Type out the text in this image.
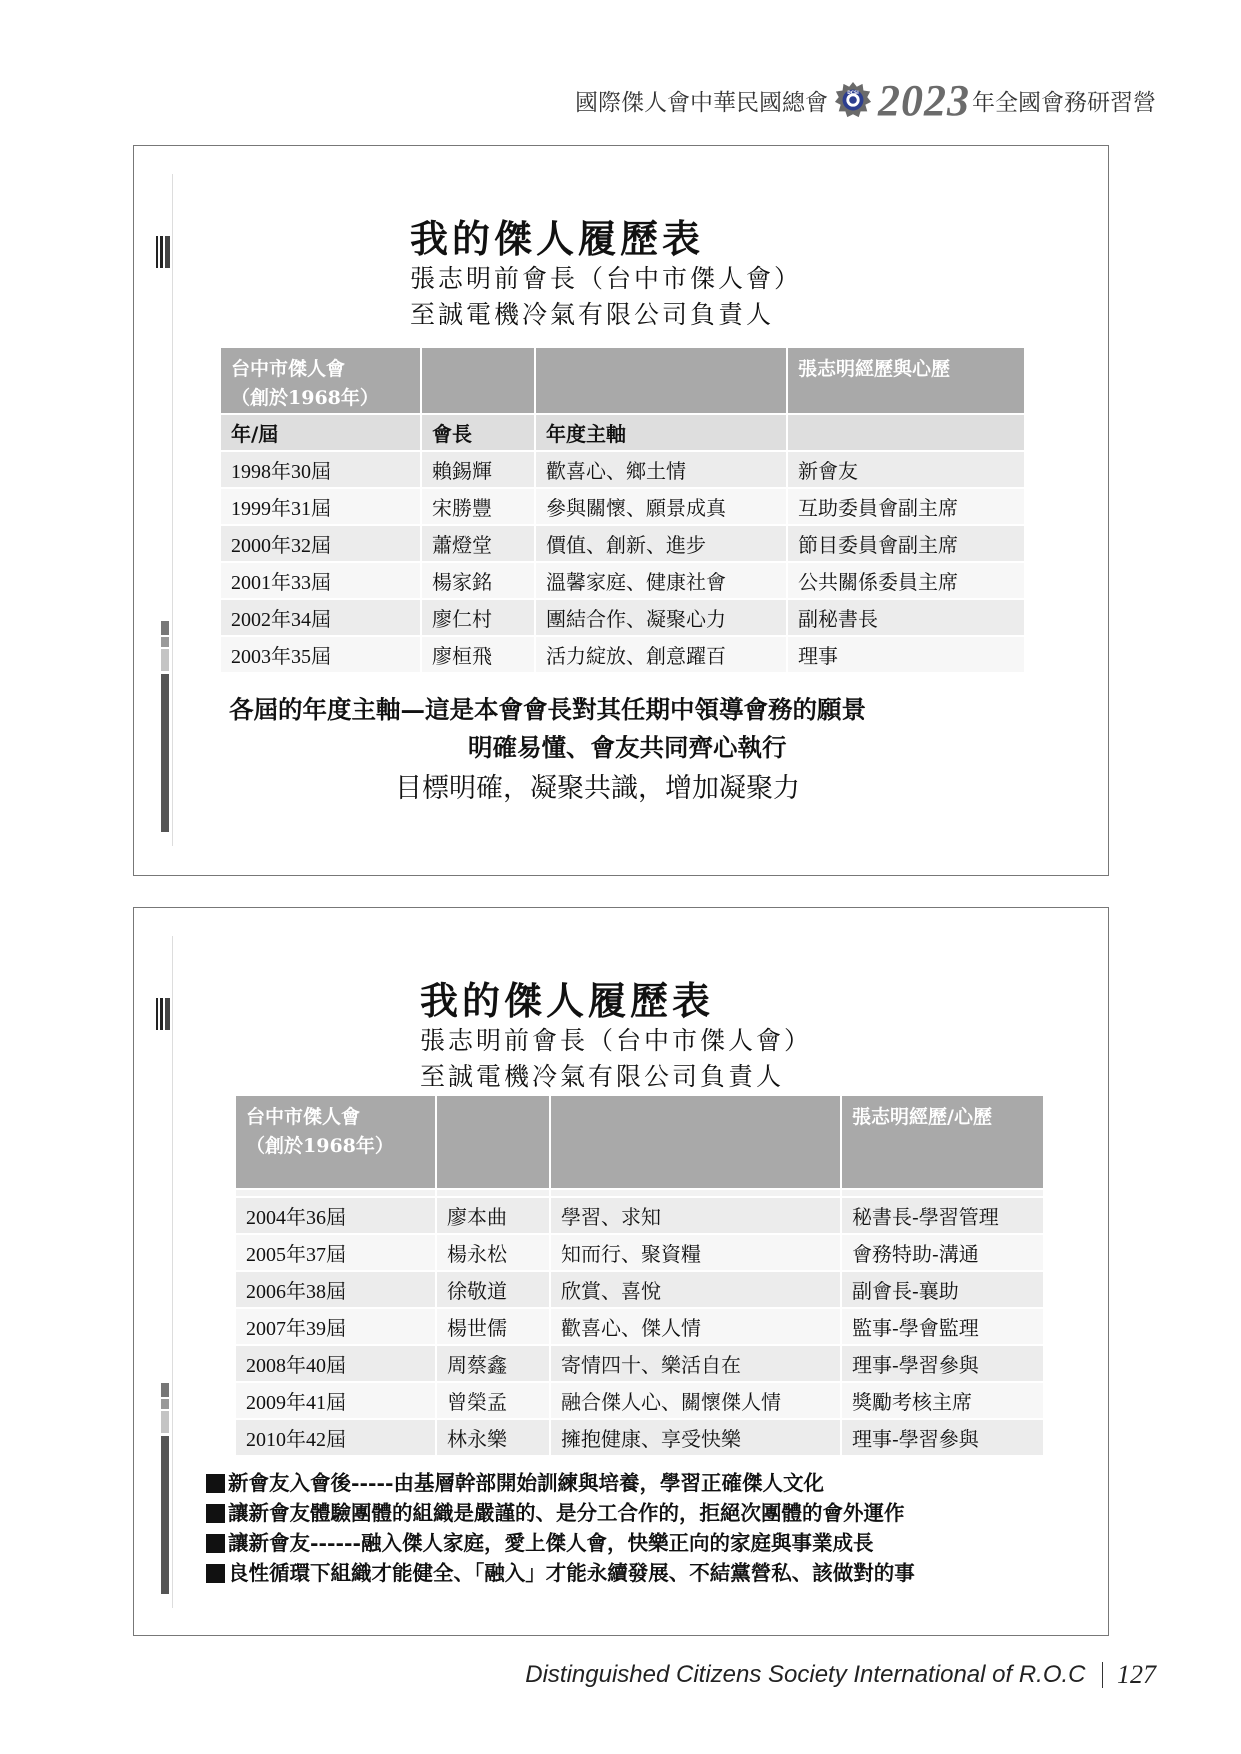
國際傑人會中華民國總會	DCSI 2023 年全國會務研習營
我的傑人履歷表
張志明前會長（台中市傑人會）
至誠電機冷氣有限公司負責人
台中市傑人會
（創於1968年）			張志明經歷與心歷
年/屆	會長	年度主軸	
1998年30屆	賴錫輝	歡喜心、鄉土情	新會友
1999年31屆	宋勝豐	參與關懷、願景成真	互助委員會副主席
2000年32屆	蕭燈堂	價值、創新、進步	節目委員會副主席
2001年33屆	楊家銘	溫馨家庭、健康社會	公共關係委員主席
2002年34屆	廖仁村	團結合作、凝聚心力	副秘書長
2003年35屆	廖桓飛	活力綻放、創意躍百	理事
各屆的年度主軸—這是本會會長對其任期中領導會務的願景
明確易懂、會友共同齊心執行
目標明確，凝聚共識，增加凝聚力
我的傑人履歷表
張志明前會長（台中市傑人會）
至誠電機冷氣有限公司負責人
台中市傑人會
（創於1968年）			張志明經歷/心歷

2004年36屆	廖本曲	學習、求知	秘書長-學習管理
2005年37屆	楊永松	知而行、聚資糧	會務特助-溝通
2006年38屆	徐敬道	欣賞、喜悅	副會長-襄助
2007年39屆	楊世儒	歡喜心、傑人情	監事-學會監理
2008年40屆	周蔡鑫	寄情四十、樂活自在	理事-學習參與
2009年41屆	曾榮孟	融合傑人心、關懷傑人情	獎勵考核主席
2010年42屆	林永樂	擁抱健康、享受快樂	理事-學習參與
新會友入會後-----由基層幹部開始訓練與培養，學習正確傑人文化
讓新會友體驗團體的組織是嚴謹的、是分工合作的，拒絕次團體的會外運作
讓新會友------融入傑人家庭，愛上傑人會，快樂正向的家庭與事業成長
良性循環下組織才能健全、「融入」才能永續發展、不結黨營私、該做對的事
Distinguished Citizens Society International of R.O.C 127
